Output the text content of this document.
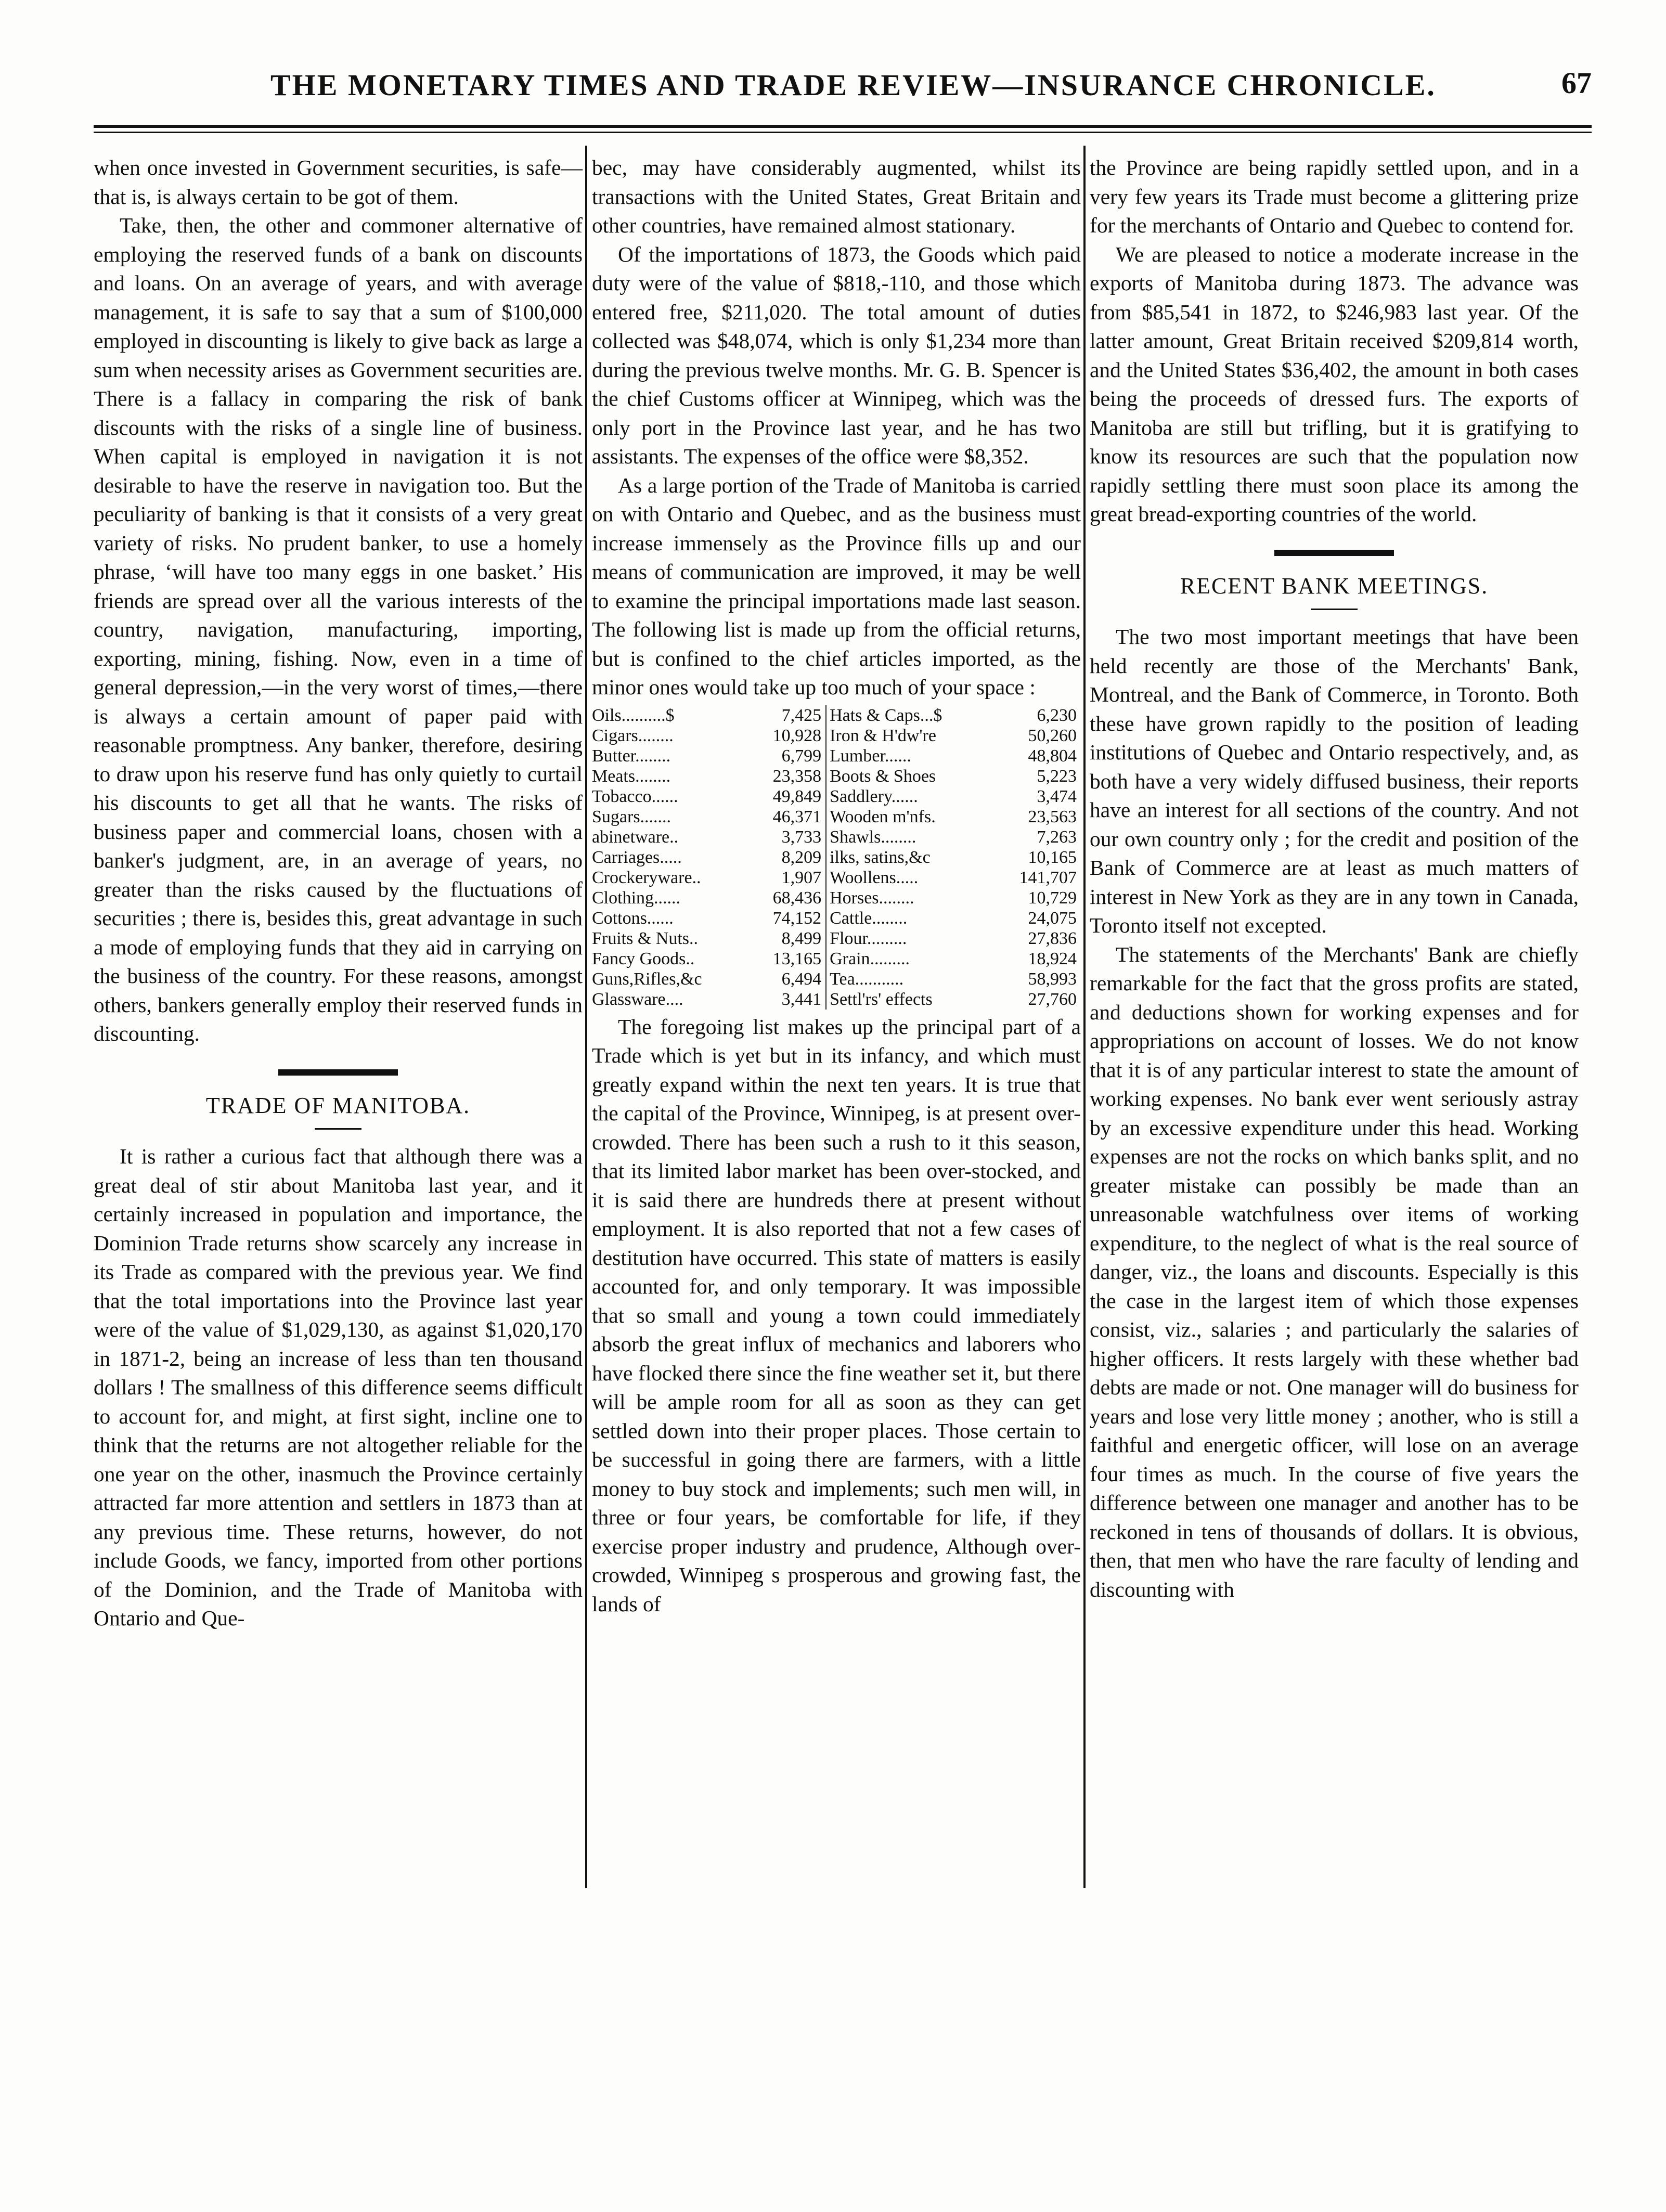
THE MONETARY TIMES AND TRADE REVIEW—INSURANCE CHRONICLE.	67

when once invested in Government securities, is safe—that is, is always certain to be got of them.

Take, then, the other and commoner alternative of employing the reserved funds of a bank on discounts and loans. On an average of years, and with average management, it is safe to say that a sum of $100,000 employed in discounting is likely to give back as large a sum when necessity arises as Government securities are. There is a fallacy in comparing the risk of bank discounts with the risks of a single line of business. When capital is employed in navigation it is not desirable to have the reserve in navigation too. But the peculiarity of banking is that it consists of a very great variety of risks. No prudent banker, to use a homely phrase, ‘will have too many eggs in one basket.’ His friends are spread over all the various interests of the country, navigation, manufacturing, importing, exporting, mining, fishing. Now, even in a time of general depression,—in the very worst of times,—there is always a certain amount of paper paid with reasonable promptness. Any banker, therefore, desiring to draw upon his reserve fund has only quietly to curtail his discounts to get all that he wants. The risks of business paper and commercial loans, chosen with a banker's judgment, are, in an average of years, no greater than the risks caused by the fluctuations of securities ; there is, besides this, great advantage in such a mode of employing funds that they aid in carrying on the business of the country. For these reasons, amongst others, bankers generally employ their reserved funds in discounting.

TRADE OF MANITOBA.

It is rather a curious fact that although there was a great deal of stir about Manitoba last year, and it certainly increased in population and importance, the Dominion Trade returns show scarcely any increase in its Trade as compared with the previous year. We find that the total importations into the Province last year were of the value of $1,029,130, as against $1,020,170 in 1871-2, being an increase of less than ten thousand dollars ! The smallness of this difference seems difficult to account for, and might, at first sight, incline one to think that the returns are not altogether reliable for the one year on the other, inasmuch the Province certainly attracted far more attention and settlers in 1873 than at any previous time. These returns, however, do not include Goods, we fancy, imported from other portions of the Dominion, and the Trade of Manitoba with Ontario and Que-

bec, may have considerably augmented, whilst its transactions with the United States, Great Britain and other countries, have remained almost stationary.

Of the importations of 1873, the Goods which paid duty were of the value of $818,-110, and those which entered free, $211,020. The total amount of duties collected was $48,074, which is only $1,234 more than during the previous twelve months. Mr. G. B. Spencer is the chief Customs officer at Winnipeg, which was the only port in the Province last year, and he has two assistants. The expenses of the office were $8,352.

As a large portion of the Trade of Manitoba is carried on with Ontario and Quebec, and as the business must increase immensely as the Province fills up and our means of communication are improved, it may be well to examine the principal importations made last season. The following list is made up from the official returns, but is confined to the chief articles imported, as the minor ones would take up too much of your space :

Oils..........$	7,425	Hats & Caps...$	6,230
Cigars........	10,928	Iron & H'dw're	50,260
Butter........	6,799	Lumber......	48,804
Meats........	23,358	Boots & Shoes	5,223
Tobacco......	49,849	Saddlery......	3,474
Sugars.......	46,371	Wooden m'nfs.	23,563
abinetware..	3,733	Shawls........	7,263
Carriages.....	8,209	ilks, satins,&c	10,165
Crockeryware..	1,907	Woollens.....	141,707
Clothing......	68,436	Horses........	10,729
Cottons......	74,152	Cattle........	24,075
Fruits & Nuts..	8,499	Flour.........	27,836
Fancy Goods..	13,165	Grain.........	18,924
Guns,Rifles,&c	6,494	Tea...........	58,993
Glassware....	3,441	Settl'rs' effects	27,760

The foregoing list makes up the principal part of a Trade which is yet but in its infancy, and which must greatly expand within the next ten years. It is true that the capital of the Province, Winnipeg, is at present over-crowded. There has been such a rush to it this season, that its limited labor market has been over-stocked, and it is said there are hundreds there at present without employment. It is also reported that not a few cases of destitution have occurred. This state of matters is easily accounted for, and only temporary. It was impossible that so small and young a town could immediately absorb the great influx of mechanics and laborers who have flocked there since the fine weather set it, but there will be ample room for all as soon as they can get settled down into their proper places. Those certain to be successful in going there are farmers, with a little money to buy stock and implements; such men will, in three or four years, be comfortable for life, if they exercise proper industry and prudence, Although over-crowded, Winnipeg s prosperous and growing fast, the lands of

the Province are being rapidly settled upon, and in a very few years its Trade must become a glittering prize for the merchants of Ontario and Quebec to contend for.

We are pleased to notice a moderate increase in the exports of Manitoba during 1873. The advance was from $85,541 in 1872, to $246,983 last year. Of the latter amount, Great Britain received $209,814 worth, and the United States $36,402, the amount in both cases being the proceeds of dressed furs. The exports of Manitoba are still but trifling, but it is gratifying to know its resources are such that the population now rapidly settling there must soon place its among the great bread-exporting countries of the world.

RECENT BANK MEETINGS.

The two most important meetings that have been held recently are those of the Merchants' Bank, Montreal, and the Bank of Commerce, in Toronto. Both these have grown rapidly to the position of leading institutions of Quebec and Ontario respectively, and, as both have a very widely diffused business, their reports have an interest for all sections of the country. And not our own country only ; for the credit and position of the Bank of Commerce are at least as much matters of interest in New York as they are in any town in Canada, Toronto itself not excepted.

The statements of the Merchants' Bank are chiefly remarkable for the fact that the gross profits are stated, and deductions shown for working expenses and for appropriations on account of losses. We do not know that it is of any particular interest to state the amount of working expenses. No bank ever went seriously astray by an excessive expenditure under this head. Working expenses are not the rocks on which banks split, and no greater mistake can possibly be made than an unreasonable watchfulness over items of working expenditure, to the neglect of what is the real source of danger, viz., the loans and discounts. Especially is this the case in the largest item of which those expenses consist, viz., salaries ; and particularly the salaries of higher officers. It rests largely with these whether bad debts are made or not. One manager will do business for years and lose very little money ; another, who is still a faithful and energetic officer, will lose on an average four times as much. In the course of five years the difference between one manager and another has to be reckoned in tens of thousands of dollars. It is obvious, then, that men who have the rare faculty of lending and discounting with
